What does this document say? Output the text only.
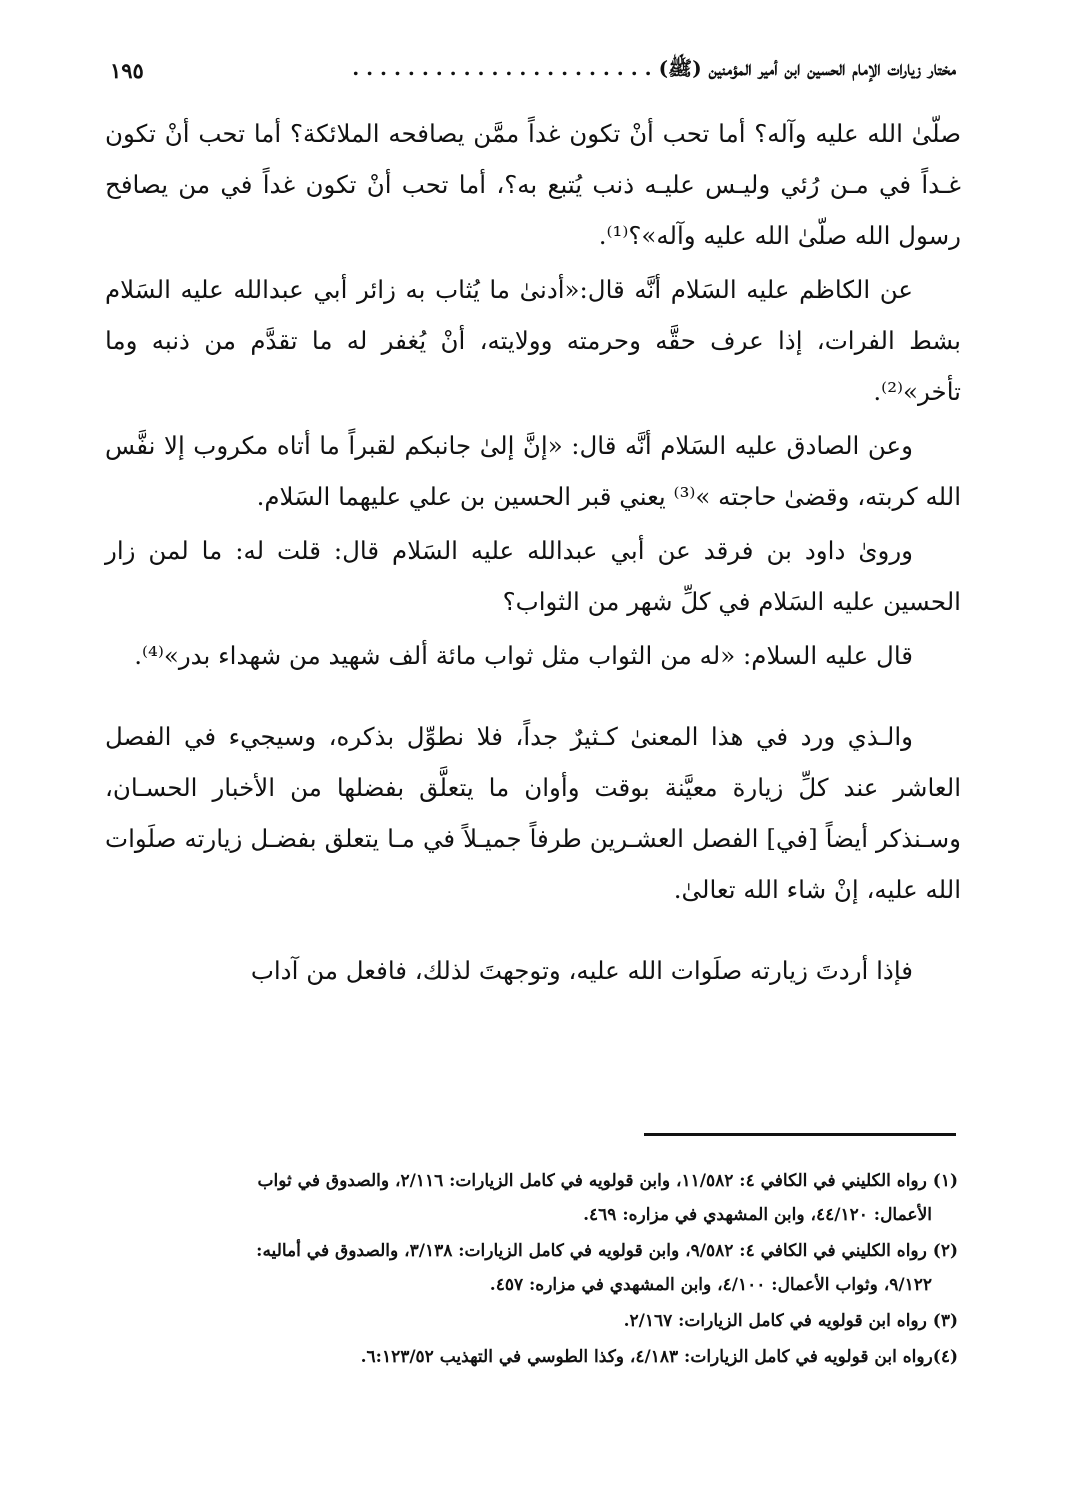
مختار زيارات الإمام الحسين ابن أمير المؤمنين (ﷺ) . . . . . . . . . . . . . . . . . . . . . .
١٩٥

صلّىٰ الله عليه وآله؟ أما تحب أنْ تكون غداً ممَّن يصافحه الملائكة؟ أما تحب أنْ تكون غـداً في مـن رُئي وليـس عليـه ذنب يُتبع به؟، أما تحب أنْ تكون غداً في من يصافح رسول الله صلّىٰ الله عليه وآله»؟⁽¹⁾.

عن الكاظم عليه السَلام أنَّه قال:«أدنىٰ ما يُثاب به زائر أبي عبدالله عليه السَلام بشط الفرات، إذا عرف حقَّه وحرمته وولايته، أنْ يُغفر له ما تقدَّم من ذنبه وما تأخر»⁽²⁾.

وعن الصادق عليه السَلام أنَّه قال: «إنَّ إلىٰ جانبكم لقبراً ما أتاه مكروب إلا نفَّس الله كربته، وقضىٰ حاجته »⁽³⁾ يعني قبر الحسين بن علي عليهما السَلام.

ورویٰ داود بن فرقد عن أبي عبدالله عليه السَلام قال: قلت له: ما لمن زار الحسين عليه السَلام في كلِّ شهر من الثواب؟

قال عليه السلام: «له من الثواب مثل ثواب مائة ألف شهيد من شهداء بدر»⁽⁴⁾.

والـذي ورد في هذا المعنىٰ كـثيرٌ جداً، فلا نطوِّل بذكره، وسيجيء في الفصل العاشر عند كلِّ زيارة معيَّنة بوقت وأوان ما يتعلَّق بفضلها من الأخبار الحسـان، وسـنذكر أيضاً [في] الفصل العشـرين طرفاً جميـلاً في مـا يتعلق بفضـل زيارته صلَوات الله عليه، إنْ شاء الله تعالىٰ.

فإذا أردتَ زيارته صلَوات الله عليه، وتوجهتَ لذلك، فافعل من آداب

(١) رواه الكليني في الكافي ٤: ١١/٥٨٢، وابن قولويه في كامل الزيارات: ٢/١١٦، والصدوق في ثواب
الأعمال: ٤٤/١٢٠، وابن المشهدي في مزاره: ٤٦٩.

(٢) رواه الكليني في الكافي ٤: ٩/٥٨٢، وابن قولويه في كامل الزيارات: ٣/١٣٨، والصدوق في أماليه:
٩/١٢٢، وثواب الأعمال: ٤/١٠٠، وابن المشهدي في مزاره: ٤٥٧.

(٣) رواه ابن قولويه في كامل الزيارات: ٢/١٦٧.

(٤)رواه ابن قولويه في كامل الزيارات: ٤/١٨٣، وكذا الطوسي في التهذيب ٦:١٢٣/٥٢.
